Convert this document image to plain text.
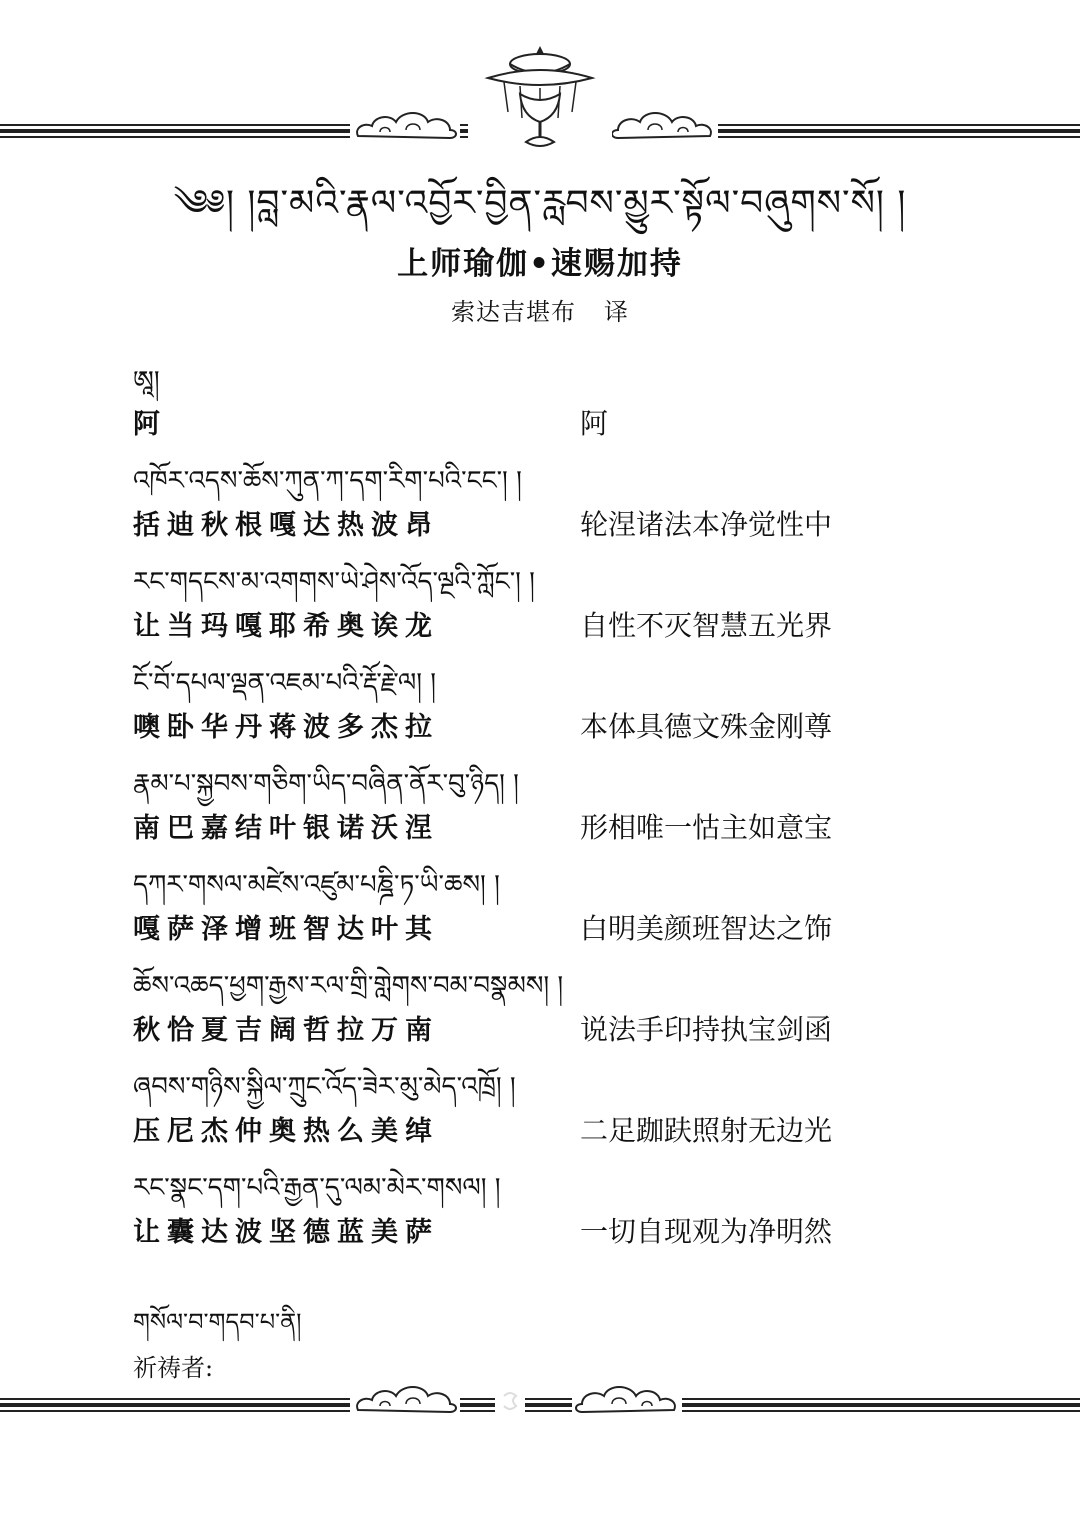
༄༅། །བླ་མའི་རྣལ་འབྱོར་བྱིན་རླབས་མྱུར་སྟོལ་བཞུགས་སོ། །
上师瑜伽•速赐加持
索达吉堪布 译
ཨཱ།
阿	阿
འཁོར་འདས་ཆོས་ཀུན་ཀ་དག་རིག་པའི་ངང་། །
括迪秋根嘎达热波昂	轮涅诸法本净觉性中
རང་གདངས་མ་འགགས་ཡེ་ཤེས་འོད་ལྔའི་ཀློང་། །
让当玛嘎耶希奥诶龙	自性不灭智慧五光界
ངོ་བོ་དཔལ་ལྡན་འཇམ་པའི་རྡོ་རྗེ་ལ། །
噢卧华丹蒋波多杰拉	本体具德文殊金刚尊
རྣམ་པ་སྐྱབས་གཅིག་ཡིད་བཞིན་ནོར་བུ་ཉིད། །
南巴嘉结叶银诺沃涅	形相唯一怙主如意宝
དཀར་གསལ་མཛེས་འཛུམ་པཎྜི་ཏ་ཡི་ཆས། །
嘎萨泽增班智达叶其	白明美颜班智达之饰
ཆོས་འཆད་ཕྱག་རྒྱས་རལ་གྲི་གླེགས་བམ་བསྣམས། །
秋恰夏吉阔哲拉万南	说法手印持执宝剑函
ཞབས་གཉིས་སྐྱིལ་ཀྲུང་འོད་ཟེར་མུ་མེད་འཁྲོ། །
压尼杰仲奥热么美绰	二足跏趺照射无边光
རང་སྣང་དག་པའི་རྒྱན་དུ་ལམ་མེར་གསལ། །
让囊达波坚德蓝美萨	一切自现观为净明然
གསོལ་བ་གདབ་པ་ནི།
祈祷者:
